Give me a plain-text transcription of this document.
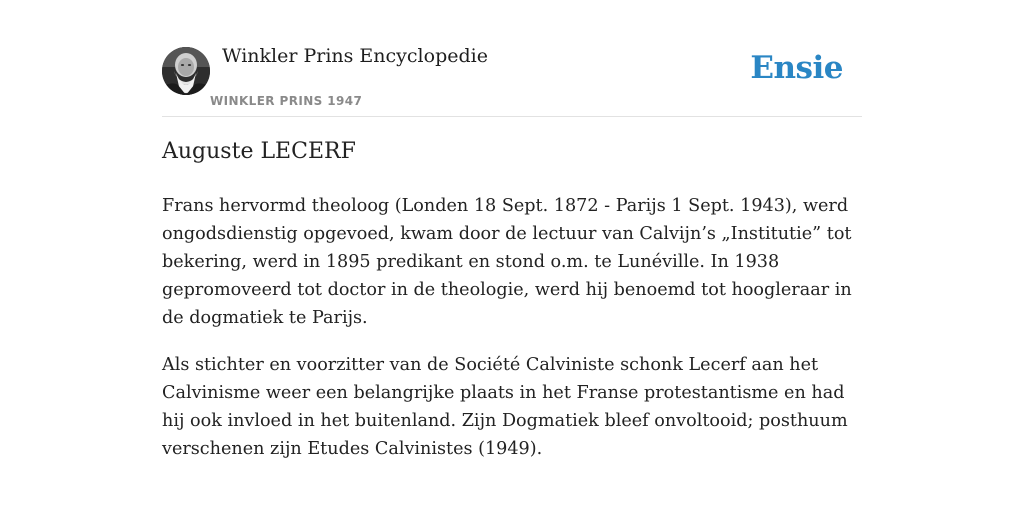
Winkler Prins Encyclopedie
WINKLER PRINS 1947
Ensie
Auguste LECERF

Frans hervormd theoloog (Londen 18 Sept. 1872 - Parijs 1 Sept. 1943), werd ongodsdienstig opgevoed, kwam door de lectuur van Calvijn’s „Institutie” tot bekering, werd in 1895 predikant en stond o.m. te Lunéville. In 1938 gepromoveerd tot doctor in de theologie, werd hij benoemd tot hoogleraar in de dogmatiek te Parijs.

Als stichter en voorzitter van de Société Calviniste schonk Lecerf aan het Calvinisme weer een belangrijke plaats in het Franse protestantisme en had hij ook invloed in het buitenland. Zijn Dogmatiek bleef onvoltooid; posthuum verschenen zijn Etudes Calvinistes (1949).
